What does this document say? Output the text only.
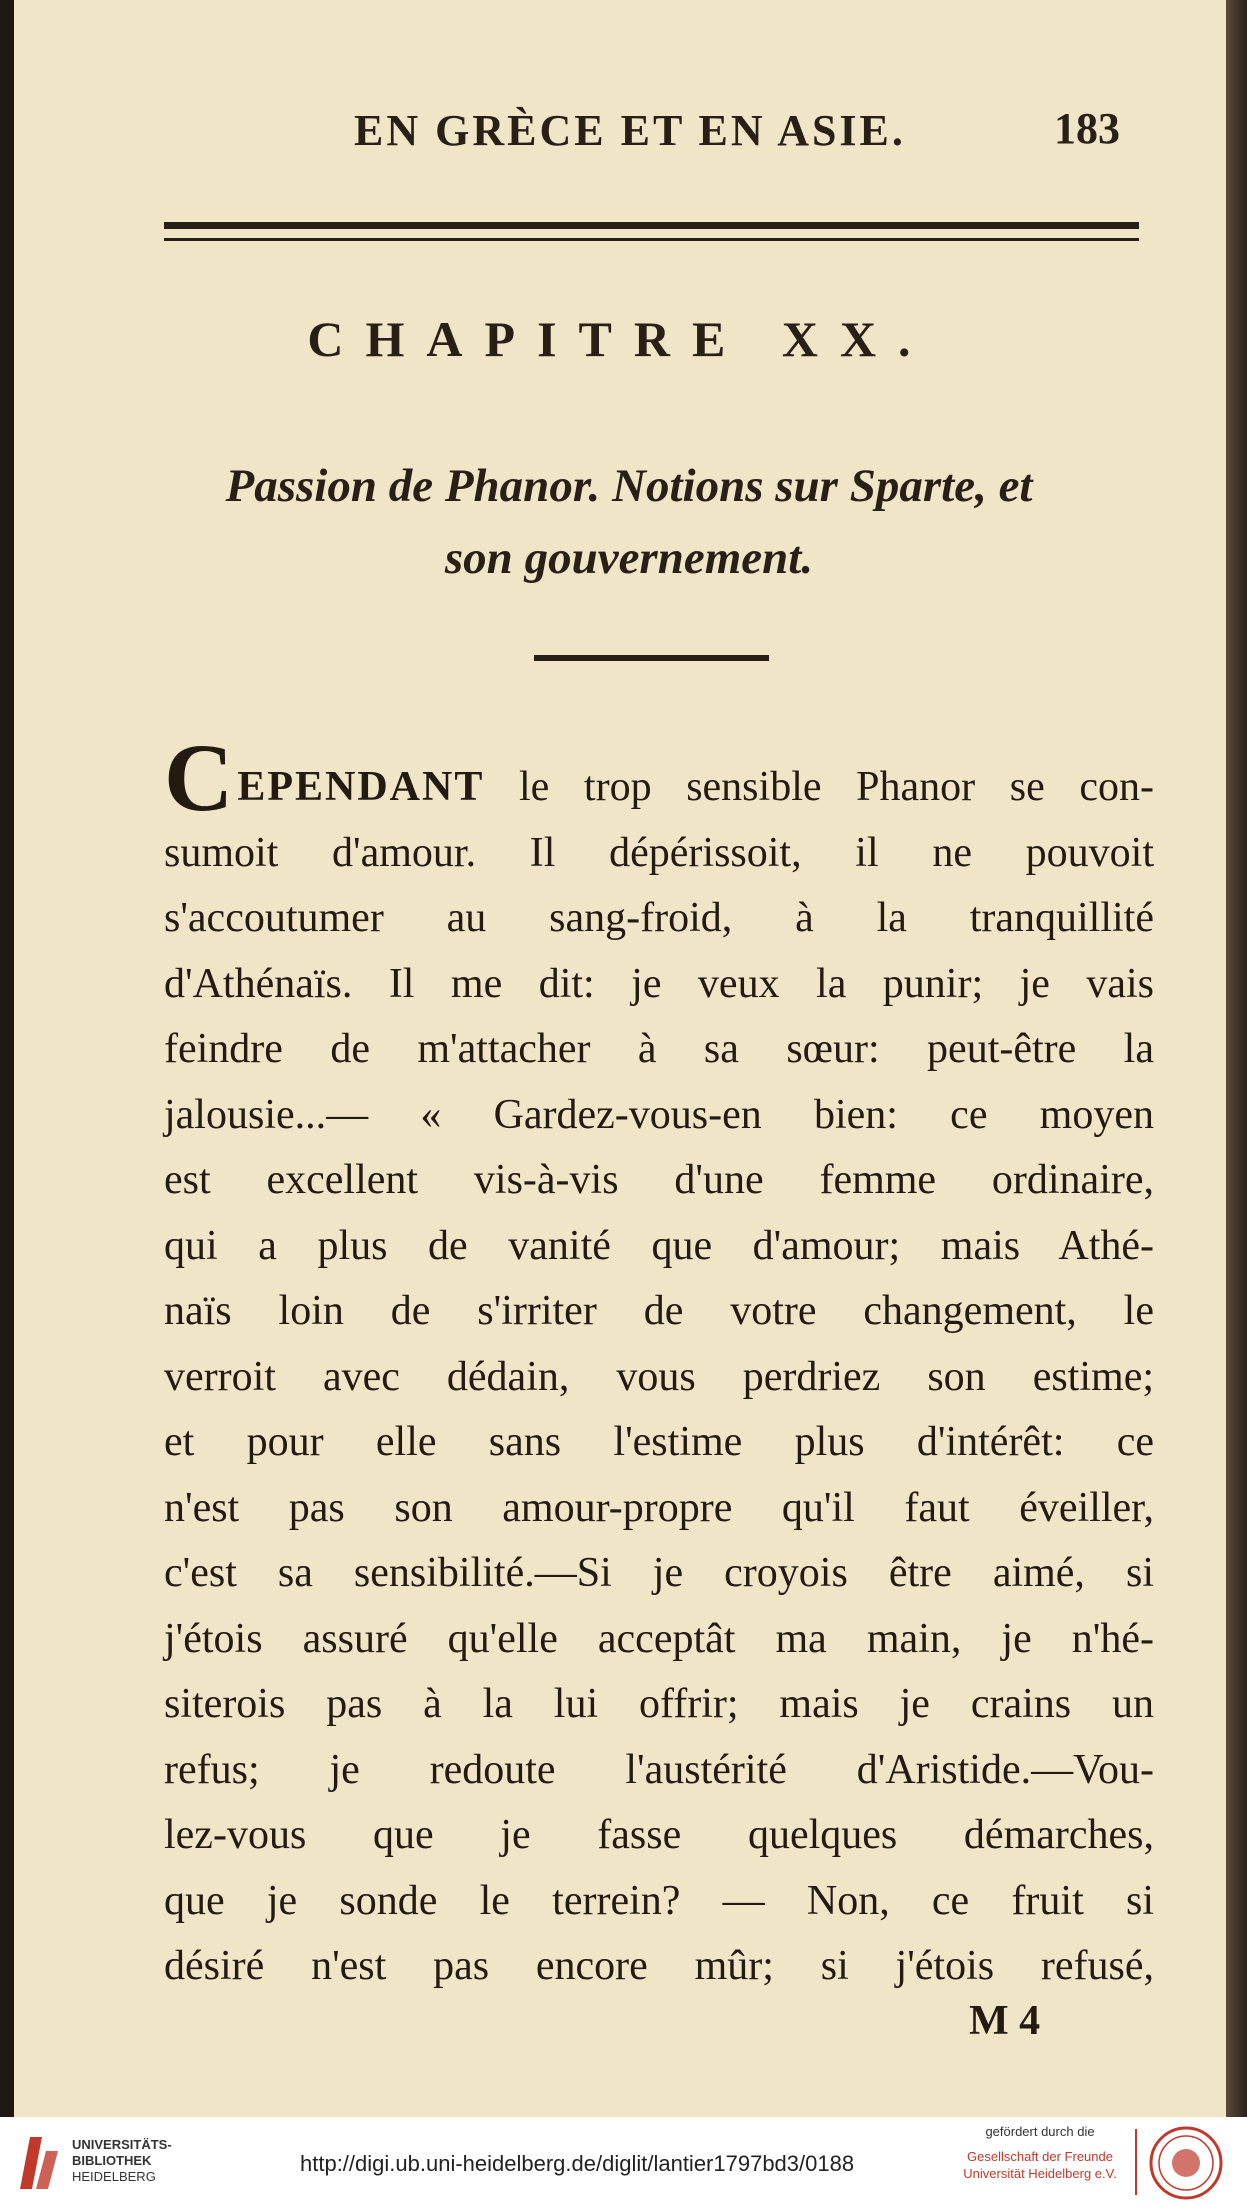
EN GRÈCE ET EN ASIE.	183
CHAPITRE XX.
Passion de Phanor. Notions sur Sparte, et
son gouvernement.
CEPENDANT le trop sensible Phanor se con-
sumoit d'amour. Il dépérissoit, il ne pouvoit
s'accoutumer au sang-froid, à la tranquillité
d'Athénaïs. Il me dit: je veux la punir; je vais
feindre de m'attacher à sa sœur: peut-être la
jalousie...— « Gardez-vous-en bien: ce moyen
est excellent vis-à-vis d'une femme ordinaire,
qui a plus de vanité que d'amour; mais Athé-
naïs loin de s'irriter de votre changement, le
verroit avec dédain, vous perdriez son estime;
et pour elle sans l'estime plus d'intérêt: ce
n'est pas son amour-propre qu'il faut éveiller,
c'est sa sensibilité.—Si je croyois être aimé, si
j'étois assuré qu'elle acceptât ma main, je n'hé-
siterois pas à la lui offrir; mais je crains un
refus; je redoute l'austérité d'Aristide.—Vou-
lez-vous que je fasse quelques démarches,
que je sonde le terrein? — Non, ce fruit si
désiré n'est pas encore mûr; si j'étois refusé,
M 4
UNIVERSITÄTS-
BIBLIOTHEK
HEIDELBERG
http://digi.ub.uni-heidelberg.de/diglit/lantier1797bd3/0188
gefördert durch die
Gesellschaft der Freunde
Universität Heidelberg e.V.
